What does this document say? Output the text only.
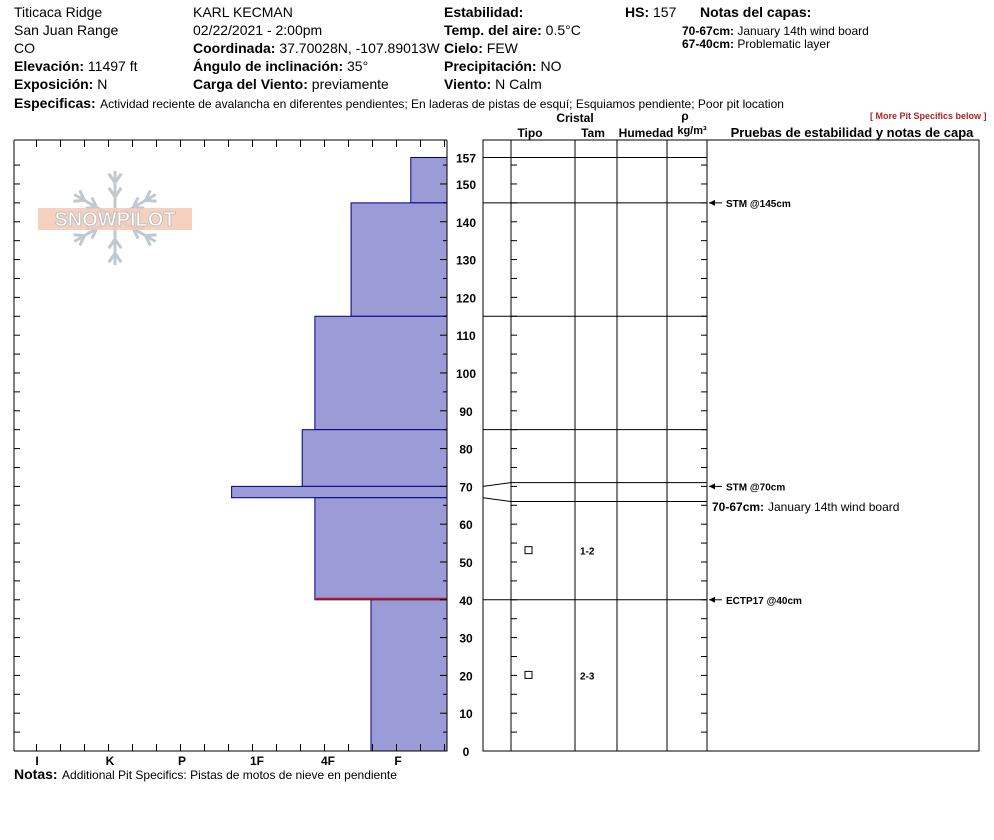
Titicaca Ridge
San Juan Range
CO
Elevación: 11497 ft
Exposición: N
KARL KECMAN
02/22/2021 - 2:00pm
Coordinada: 37.70028N, -107.89013W
Ángulo de inclinación: 35°
Carga del Viento: previamente
Estabilidad:
Temp. del aire: 0.5°C
Cielo: FEW
Precipitación: NO
Viento: N Calm
HS: 157 Notas del capas:
70-67cm: January 14th wind board
67-40cm: Problematic layer
Especificas: Actividad reciente de avalancha en diferentes pendientes; En laderas de pistas de esquí; Esquiamos pendiente; Poor pit location
[ More Pit Specifics below ]
SNOWPILOT
I	K	P	1F	4F	F
0
10
20
30
40
50
60
70
80
90
100
110
120
130
140
150
157
Cristal
Tipo	Tam Humedad
ρ
kg/m³ Pruebas de estabilidad y notas de capa
1-2
2-3
STM @145cm
STM @70cm
ECTP17 @40cm
70-67cm: January 14th wind board
Notas: Additional Pit Specifics: Pistas de motos de nieve en pendiente
